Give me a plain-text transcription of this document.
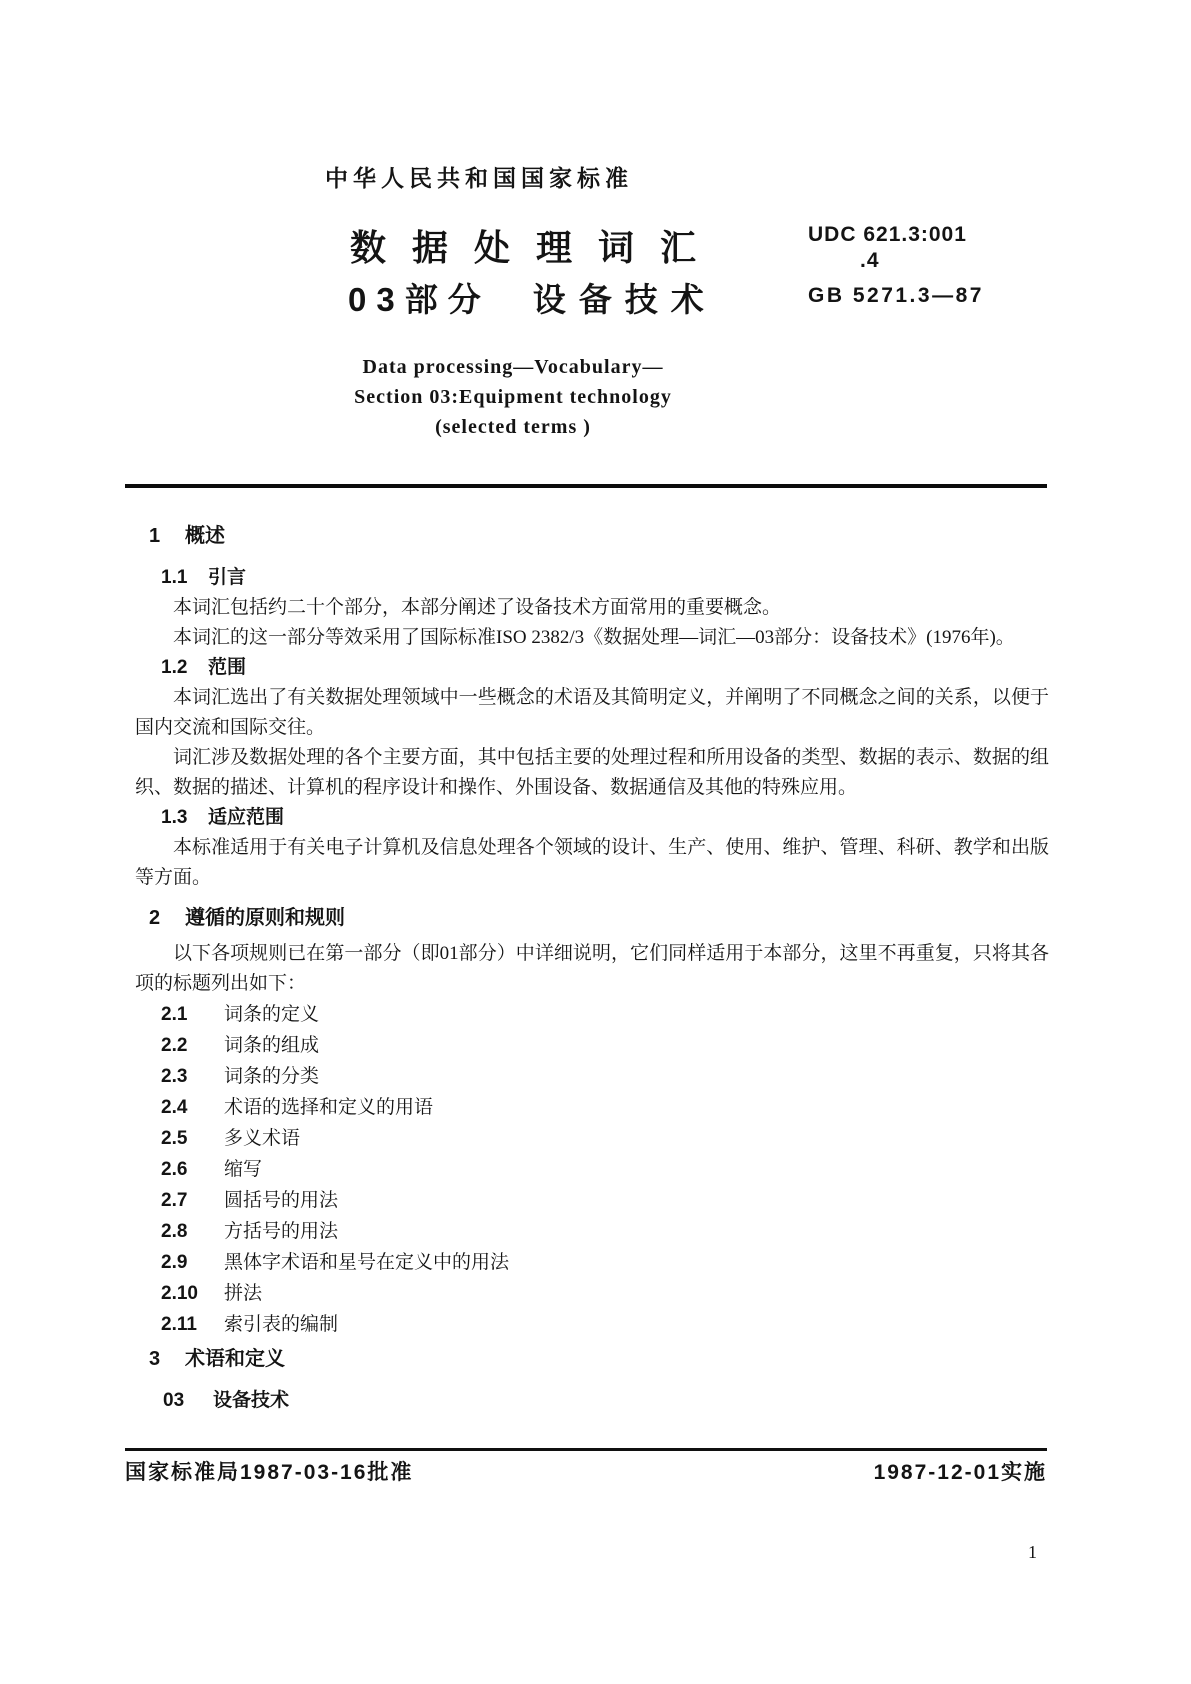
中华人民共和国国家标准
数据处理词汇
03部分 设备技术
UDC 621.3:001
.4
GB 5271.3—87
Data processing—Vocabulary—
Section 03:Equipment technology
(selected terms )

1 概述

1.1 引言

本词汇包括约二十个部分，本部分阐述了设备技术方面常用的重要概念。

本词汇的这一部分等效采用了国际标准ISO 2382/3《数据处理—词汇—03部分：设备技术》(1976年)。

1.2 范围

本词汇选出了有关数据处理领域中一些概念的术语及其简明定义，并阐明了不同概念之间的关系，以便于国内交流和国际交往。

词汇涉及数据处理的各个主要方面，其中包括主要的处理过程和所用设备的类型、数据的表示、数据的组织、数据的描述、计算机的程序设计和操作、外围设备、数据通信及其他的特殊应用。

1.3 适应范围

本标准适用于有关电子计算机及信息处理各个领域的设计、生产、使用、维护、管理、科研、教学和出版等方面。

2 遵循的原则和规则

以下各项规则已在第一部分（即01部分）中详细说明，它们同样适用于本部分，这里不再重复，只将其各项的标题列出如下：

2.1 词条的定义
2.2 词条的组成
2.3 词条的分类
2.4 术语的选择和定义的用语
2.5 多义术语
2.6 缩写
2.7 圆括号的用法
2.8 方括号的用法
2.9 黑体字术语和星号在定义中的用法
2.10 拼法
2.11 索引表的编制

3 术语和定义

03 设备技术

国家标准局1987-03-16批准	1987-12-01实施
1
